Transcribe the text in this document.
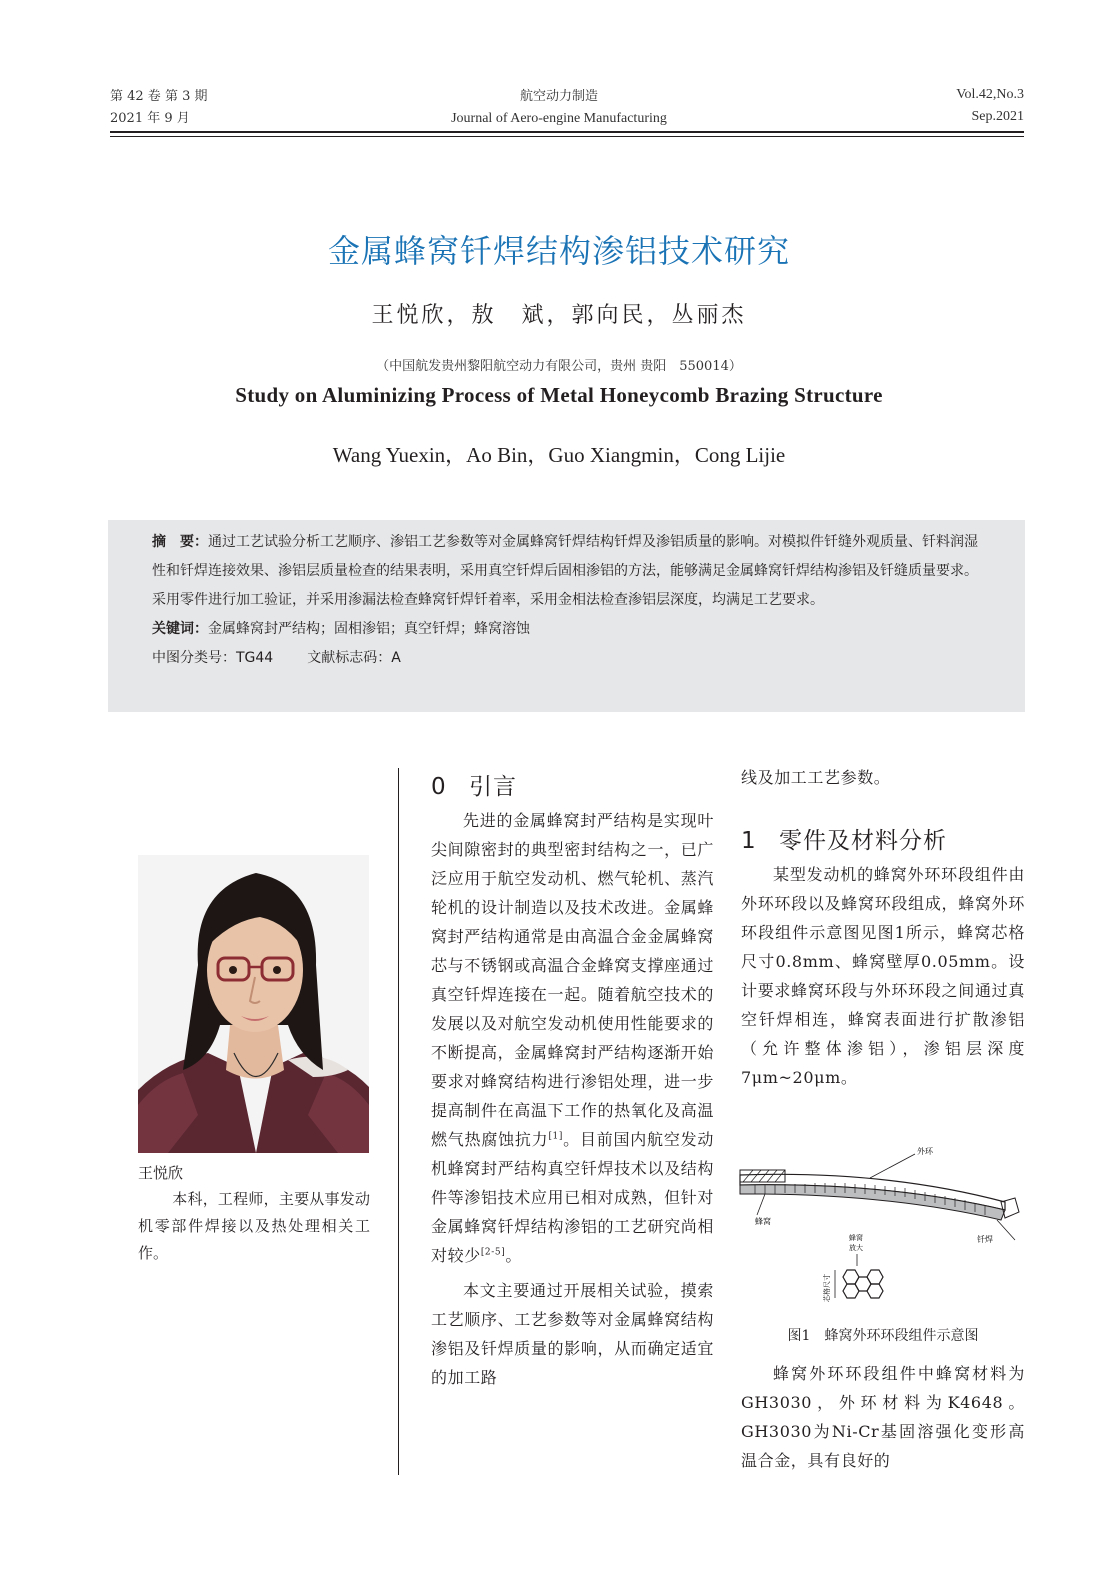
第 42 卷 第 3 期
2021 年 9 月
航空动力制造
Journal of Aero-engine Manufacturing
Vol.42,No.3
Sep.2021
金属蜂窝钎焊结构渗铝技术研究
王悦欣，敖　斌，郭向民，丛丽杰
（中国航发贵州黎阳航空动力有限公司，贵州 贵阳　550014）
Study on Aluminizing Process of Metal Honeycomb Brazing Structure
Wang Yuexin，Ao Bin，Guo Xiangmin，Cong Lijie

摘　要：通过工艺试验分析工艺顺序、渗铝工艺参数等对金属蜂窝钎焊结构钎焊及渗铝质量的影响。对模拟件钎缝外观质量、钎料润湿性和钎焊连接效果、渗铝层质量检查的结果表明，采用真空钎焊后固相渗铝的方法，能够满足金属蜂窝钎焊结构渗铝及钎缝质量要求。采用零件进行加工验证，并采用渗漏法检查蜂窝钎焊钎着率，采用金相法检查渗铝层深度，均满足工艺要求。

关键词：金属蜂窝封严结构；固相渗铝；真空钎焊；蜂窝溶蚀

中图分类号：TG44 文献标志码：A

王悦欣
本科，工程师，主要从事发动机零部件焊接以及热处理相关工作。
0 引言

先进的金属蜂窝封严结构是实现叶尖间隙密封的典型密封结构之一，已广泛应用于航空发动机、燃气轮机、蒸汽轮机的设计制造以及技术改进。金属蜂窝封严结构通常是由高温合金金属蜂窝芯与不锈钢或高温合金蜂窝支撑座通过真空钎焊连接在一起。随着航空技术的发展以及对航空发动机使用性能要求的不断提高，金属蜂窝封严结构逐渐开始要求对蜂窝结构进行渗铝处理，进一步提高制件在高温下工作的热氧化及高温燃气热腐蚀抗力[1]。目前国内航空发动机蜂窝封严结构真空钎焊技术以及结构件等渗铝技术应用已相对成熟，但针对金属蜂窝钎焊结构渗铝的工艺研究尚相对较少[2-5]。

本文主要通过开展相关试验，摸索工艺顺序、工艺参数等对金属蜂窝结构渗铝及钎焊质量的影响，从而确定适宜的加工路

线及加工工艺参数。

1 零件及材料分析

某型发动机的蜂窝外环环段组件由外环环段以及蜂窝环段组成，蜂窝外环环段组件示意图见图1所示，蜂窝芯格尺寸0.8mm、蜂窝壁厚0.05mm。设计要求蜂窝环段与外环环段之间通过真空钎焊相连，蜂窝表面进行扩散渗铝（允许整体渗铝），渗铝层深度7μm~20μm。

外环
蜂窝
钎焊
蜂窝
放大
芯格尺寸
图1　蜂窝外环环段组件示意图

蜂窝外环环段组件中蜂窝材料为GH3030，外环材料为K4648。GH3030为Ni-Cr基固溶强化变形高温合金，具有良好的
